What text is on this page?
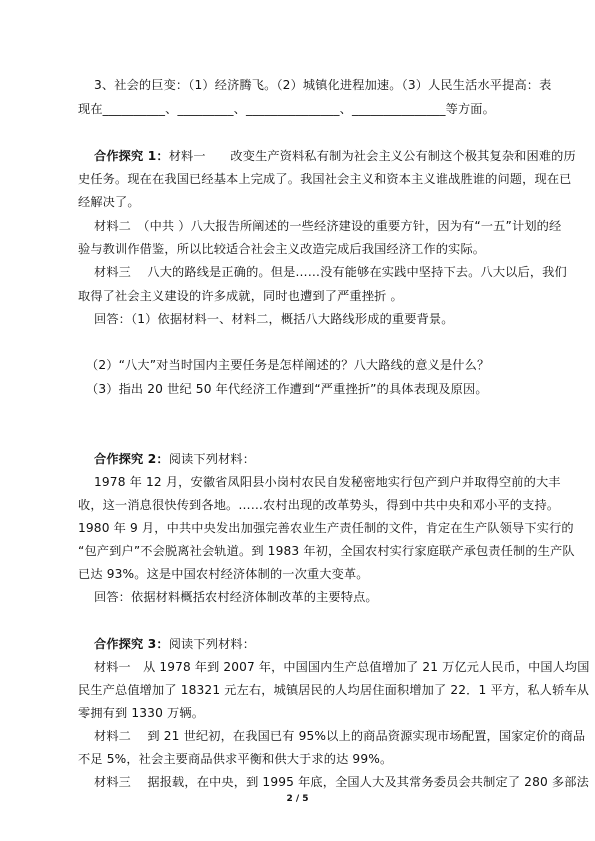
3、社会的巨变：（1）经济腾飞。（2）城镇化进程加速。（3）人民生活水平提高：表
现在__________、_________、_______________、_______________等方面。
合作探究 1：材料一　　改变生产资料私有制为社会主义公有制这个极其复杂和困难的历
史任务。现在在我国已经基本上完成了。我国社会主义和资本主义谁战胜谁的问题，现在已
经解决了。
材料二　（中共 ）八大报告所阐述的一些经济建设的重要方针，因为有“一五”计划的经
验与教训作借鉴，所以比较适合社会主义改造完成后我国经济工作的实际。
材料三　 八大的路线是正确的。但是……没有能够在实践中坚持下去。八大以后，我们
取得了社会主义建设的许多成就，同时也遭到了严重挫折 。
回答：（1）依据材料一、材料二，概括八大路线形成的重要背景。
（2）“八大”对当时国内主要任务是怎样阐述的？八大路线的意义是什么？
（3）指出 20 世纪 50 年代经济工作遭到“严重挫折”的具体表现及原因。
合作探究 2：阅读下列材料：
1978 年 12 月，安徽省凤阳县小岗村农民自发秘密地实行包产到户并取得空前的大丰
收，这一消息很快传到各地。……农村出现的改革势头，得到中共中央和邓小平的支持。
1980 年 9 月，中共中央发出加强完善农业生产责任制的文件，肯定在生产队领导下实行的
“包产到户”不会脱离社会轨道。到 1983 年初，全国农村实行家庭联产承包责任制的生产队
已达 93%。这是中国农村经济体制的一次重大变革。
回答：依据材料概括农村经济体制改革的主要特点。
合作探究 3：阅读下列材料：
材料一　从 1978 年到 2007 年，中国国内生产总值增加了 21 万亿元人民币，中国人均国
民生产总值增加了 18321 元左右，城镇居民的人均居住面积增加了 22．1 平方，私人轿车从
零拥有到 1330 万辆。
材料二　 到 21 世纪初，在我国已有 95%以上的商品资源实现市场配置，国家定价的商品
不足 5%，社会主要商品供求平衡和供大于求的达 99%。
材料三　 据报载，在中央，到 1995 年底，全国人大及其常务委员会共制定了 280 多部法
2 / 5
